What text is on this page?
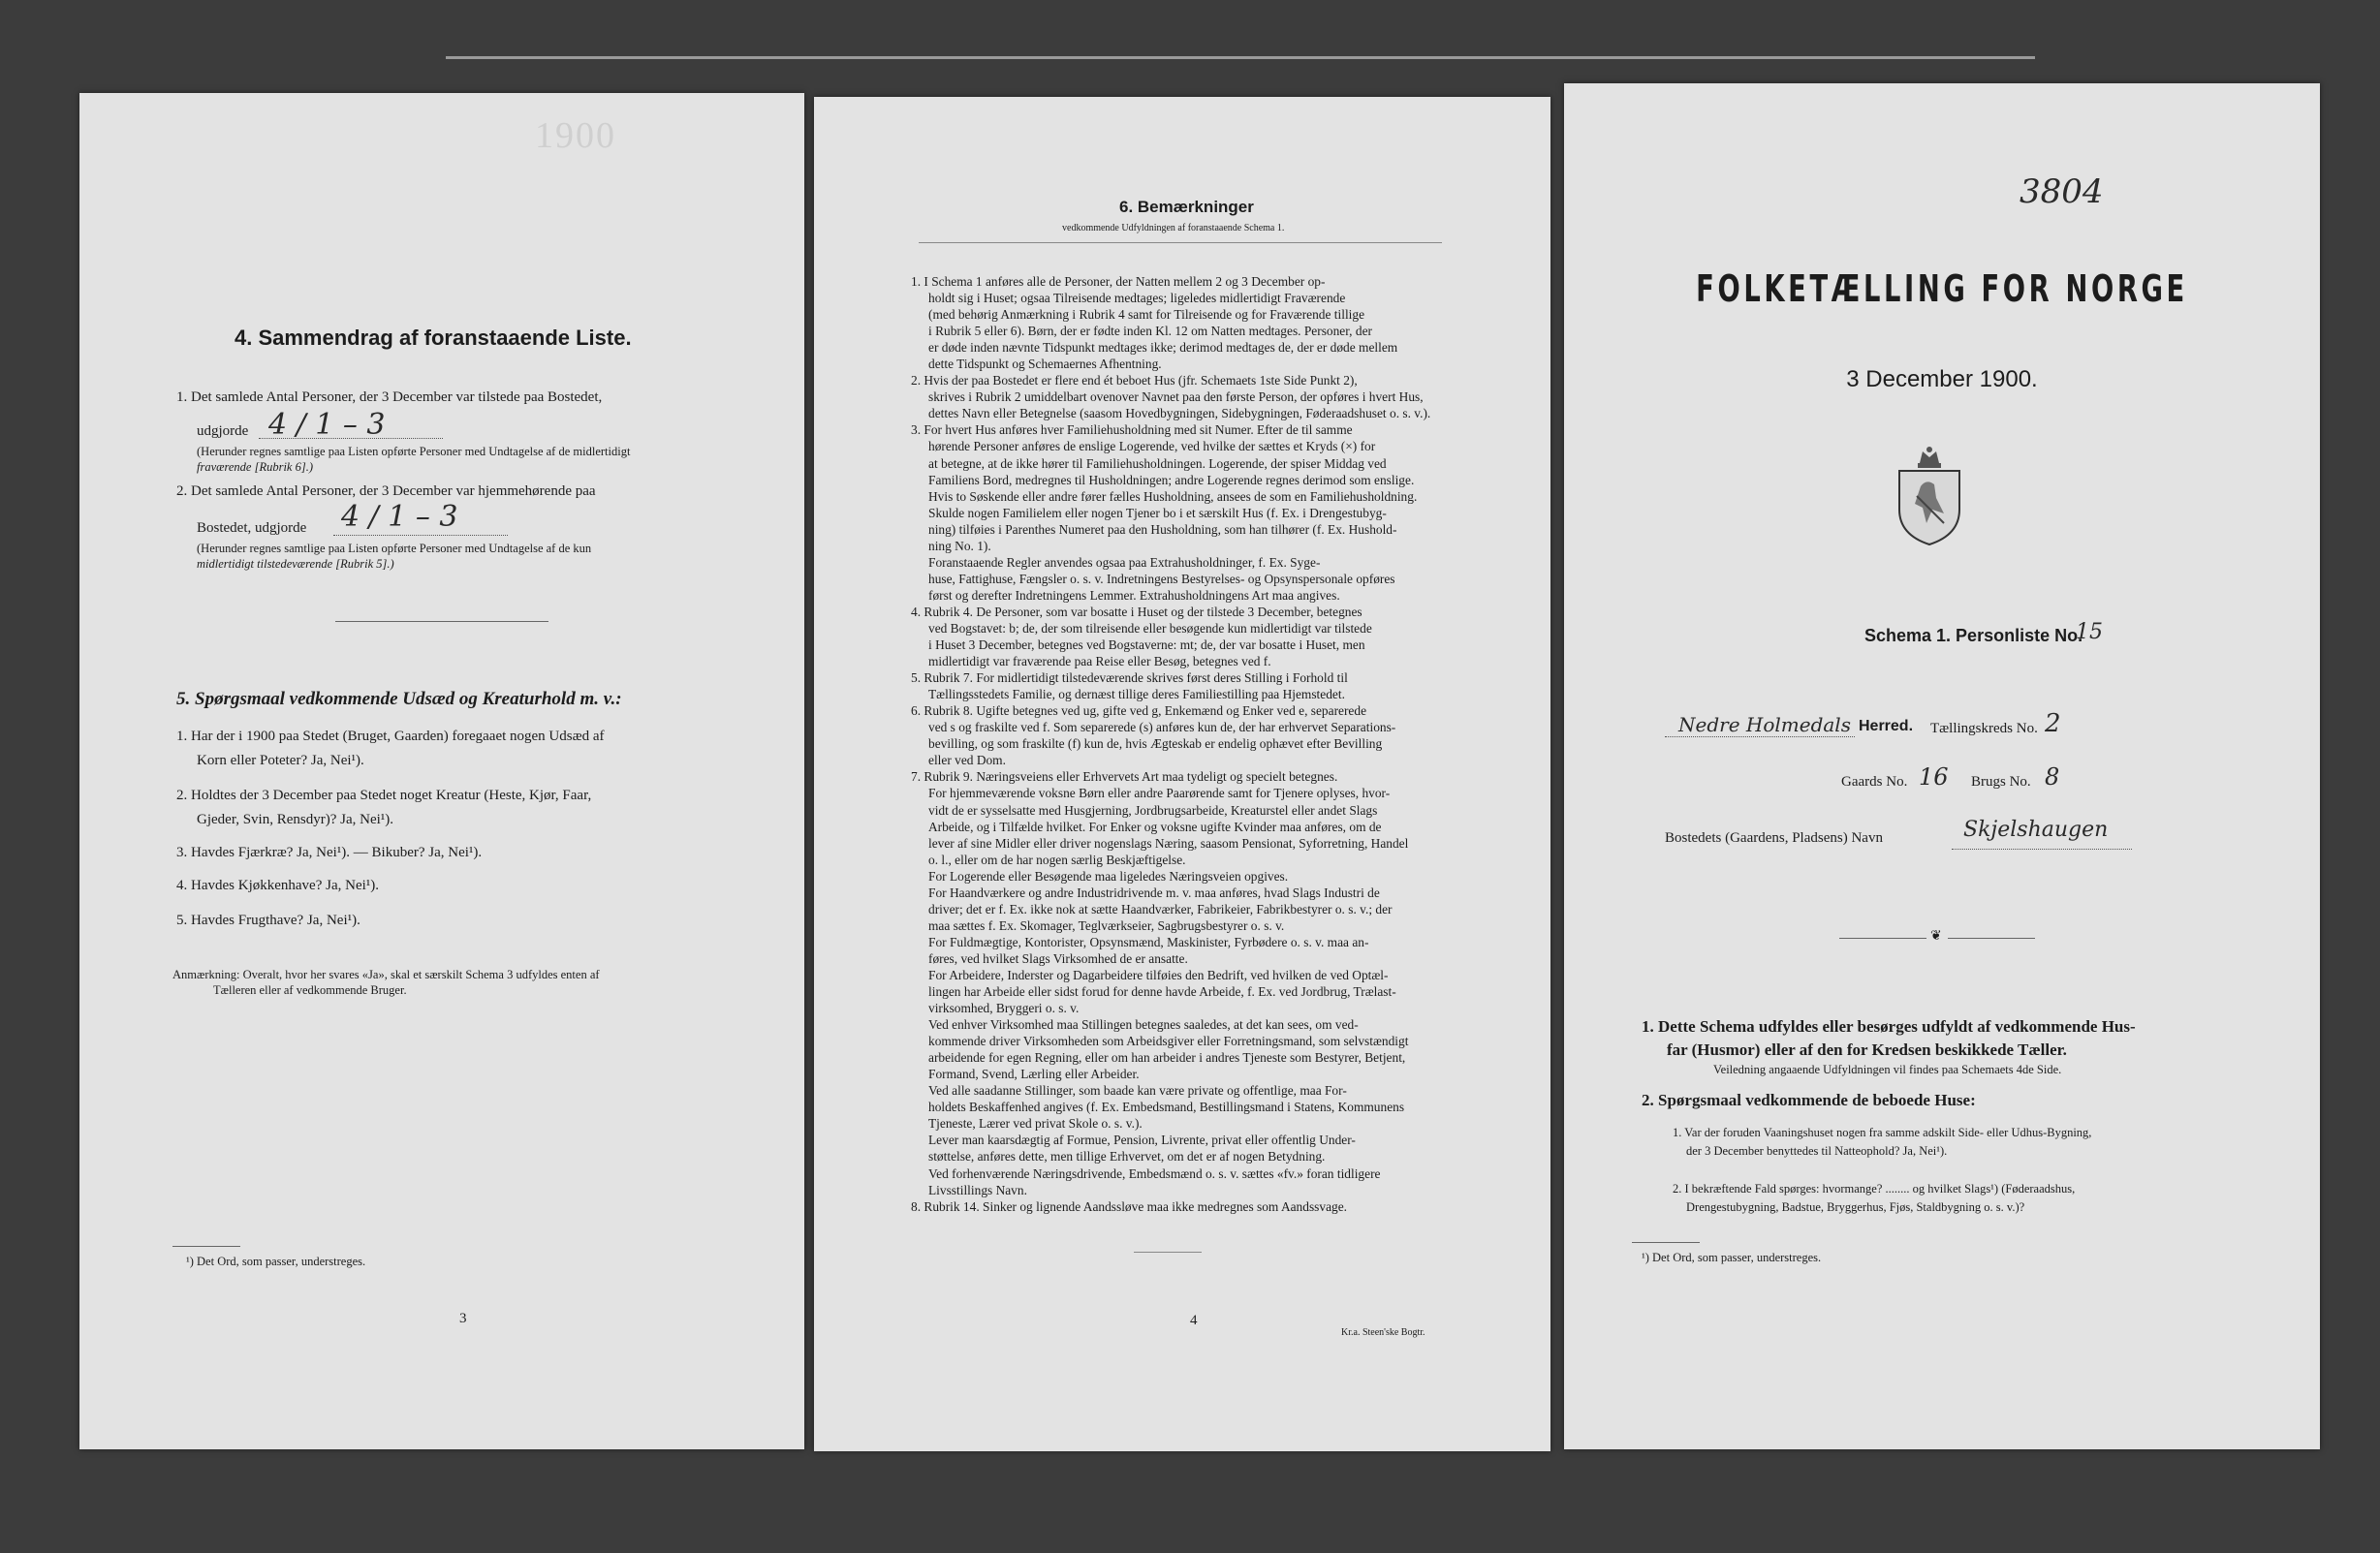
1900
4. Sammendrag af foranstaaende Liste.
1. Det samlede Antal Personer, der 3 December var tilstede paa Bostedet,
udgjorde 4 / 1 – 3
(Herunder regnes samtlige paa Listen opførte Personer med Undtagelse af de midlertidigt
fraværende [Rubrik 6].)
2. Det samlede Antal Personer, der 3 December var hjemmehørende paa
Bostedet, udgjorde 4 / 1 – 3
(Herunder regnes samtlige paa Listen opførte Personer med Undtagelse af de kun
midlertidigt tilstedeværende [Rubrik 5].)
5. Spørgsmaal vedkommende Udsæd og Kreaturhold m. v.:
1. Har der i 1900 paa Stedet (Bruget, Gaarden) foregaaet nogen Udsæd af
Korn eller Poteter? Ja, Nei¹).
2. Holdtes der 3 December paa Stedet noget Kreatur (Heste, Kjør, Faar,
Gjeder, Svin, Rensdyr)? Ja, Nei¹).
3. Havdes Fjærkræ? Ja, Nei¹). — Bikuber? Ja, Nei¹).
4. Havdes Kjøkkenhave? Ja, Nei¹).
5. Havdes Frugthave? Ja, Nei¹).
Anmærkning: Overalt, hvor her svares «Ja», skal et særskilt Schema 3 udfyldes enten af
Tælleren eller af vedkommende Bruger.
¹) Det Ord, som passer, understreges.
3
6. Bemærkninger
vedkommende Udfyldningen af foranstaaende Schema 1.
1. I Schema 1 anføres alle de Personer, der Natten mellem 2 og 3 December op-
holdt sig i Huset; ogsaa Tilreisende medtages; ligeledes midlertidigt Fraværende
(med behørig Anmærkning i Rubrik 4 samt for Tilreisende og for Fraværende tillige
i Rubrik 5 eller 6). Børn, der er fødte inden Kl. 12 om Natten medtages. Personer, der
er døde inden nævnte Tidspunkt medtages ikke; derimod medtages de, der er døde mellem
dette Tidspunkt og Schemaernes Afhentning.
2. Hvis der paa Bostedet er flere end ét beboet Hus (jfr. Schemaets 1ste Side Punkt 2),
skrives i Rubrik 2 umiddelbart ovenover Navnet paa den første Person, der opføres i hvert Hus,
dettes Navn eller Betegnelse (saasom Hovedbygningen, Sidebygningen, Føderaadshuset o. s. v.).
3. For hvert Hus anføres hver Familiehusholdning med sit Numer. Efter de til samme
hørende Personer anføres de enslige Logerende, ved hvilke der sættes et Kryds (×) for
at betegne, at de ikke hører til Familiehusholdningen. Logerende, der spiser Middag ved
Familiens Bord, medregnes til Husholdningen; andre Logerende regnes derimod som enslige.
Hvis to Søskende eller andre fører fælles Husholdning, ansees de som en Familiehusholdning.
Skulde nogen Familielem eller nogen Tjener bo i et særskilt Hus (f. Ex. i Drengestubyg-
ning) tilføies i Parenthes Numeret paa den Husholdning, som han tilhører (f. Ex. Hushold-
ning No. 1).
Foranstaaende Regler anvendes ogsaa paa Extrahusholdninger, f. Ex. Syge-
huse, Fattighuse, Fængsler o. s. v. Indretningens Bestyrelses- og Opsynspersonale opføres
først og derefter Indretningens Lemmer. Extrahusholdningens Art maa angives.
4. Rubrik 4. De Personer, som var bosatte i Huset og der tilstede 3 December, betegnes
ved Bogstavet: b; de, der som tilreisende eller besøgende kun midlertidigt var tilstede
i Huset 3 December, betegnes ved Bogstaverne: mt; de, der var bosatte i Huset, men
midlertidigt var fraværende paa Reise eller Besøg, betegnes ved f.
5. Rubrik 7. For midlertidigt tilstedeværende skrives først deres Stilling i Forhold til
Tællingsstedets Familie, og dernæst tillige deres Familiestilling paa Hjemstedet.
6. Rubrik 8. Ugifte betegnes ved ug, gifte ved g, Enkemænd og Enker ved e, separerede
ved s og fraskilte ved f. Som separerede (s) anføres kun de, der har erhvervet Separations-
bevilling, og som fraskilte (f) kun de, hvis Ægteskab er endelig ophævet efter Bevilling
eller ved Dom.
7. Rubrik 9. Næringsveiens eller Erhvervets Art maa tydeligt og specielt betegnes.
For hjemmeværende voksne Børn eller andre Paarørende samt for Tjenere oplyses, hvor-
vidt de er sysselsatte med Husgjerning, Jordbrugsarbeide, Kreaturstel eller andet Slags
Arbeide, og i Tilfælde hvilket. For Enker og voksne ugifte Kvinder maa anføres, om de
lever af sine Midler eller driver nogenslags Næring, saasom Pensionat, Syforretning, Handel
o. l., eller om de har nogen særlig Beskjæftigelse.
For Logerende eller Besøgende maa ligeledes Næringsveien opgives.
For Haandværkere og andre Industridrivende m. v. maa anføres, hvad Slags Industri de
driver; det er f. Ex. ikke nok at sætte Haandværker, Fabrikeier, Fabrikbestyrer o. s. v.; der
maa sættes f. Ex. Skomager, Teglværkseier, Sagbrugsbestyrer o. s. v.
For Fuldmægtige, Kontorister, Opsynsmænd, Maskinister, Fyrbødere o. s. v. maa an-
føres, ved hvilket Slags Virksomhed de er ansatte.
For Arbeidere, Inderster og Dagarbeidere tilføies den Bedrift, ved hvilken de ved Optæl-
lingen har Arbeide eller sidst forud for denne havde Arbeide, f. Ex. ved Jordbrug, Trælast-
virksomhed, Bryggeri o. s. v.
Ved enhver Virksomhed maa Stillingen betegnes saaledes, at det kan sees, om ved-
kommende driver Virksomheden som Arbeidsgiver eller Forretningsmand, som selvstændigt
arbeidende for egen Regning, eller om han arbeider i andres Tjeneste som Bestyrer, Betjent,
Formand, Svend, Lærling eller Arbeider.
Ved alle saadanne Stillinger, som baade kan være private og offentlige, maa For-
holdets Beskaffenhed angives (f. Ex. Embedsmand, Bestillingsmand i Statens, Kommunens
Tjeneste, Lærer ved privat Skole o. s. v.).
Lever man kaarsdægtig af Formue, Pension, Livrente, privat eller offentlig Under-
støttelse, anføres dette, men tillige Erhvervet, om det er af nogen Betydning.
Ved forhenværende Næringsdrivende, Embedsmænd o. s. v. sættes «fv.» foran tidligere
Livsstillings Navn.
8. Rubrik 14. Sinker og lignende Aandssløve maa ikke medregnes som Aandssvage.
4
Kr.a. Steen'ske Bogtr.
3804
FOLKETÆLLING FOR NORGE
3 December 1900.
Schema 1. Personliste No.
15
Nedre Holmedals Herred. Tællingskreds No. 2
Gaards No. 16 Brugs No. 8
Bostedets (Gaardens, Pladsens) Navn	Skjelshaugen
❦
1. Dette Schema udfyldes eller besørges udfyldt af vedkommende Hus-
far (Husmor) eller af den for Kredsen beskikkede Tæller.
Veiledning angaaende Udfyldningen vil findes paa Schemaets 4de Side.
2. Spørgsmaal vedkommende de beboede Huse:
1. Var der foruden Vaaningshuset nogen fra samme adskilt Side- eller Udhus-Bygning,
der 3 December benyttedes til Natteophold? Ja, Nei¹).
2. I bekræftende Fald spørges: hvormange? ........ og hvilket Slags¹) (Føderaadshus,
Drengestubygning, Badstue, Bryggerhus, Fjøs, Staldbygning o. s. v.)?
¹) Det Ord, som passer, understreges.
